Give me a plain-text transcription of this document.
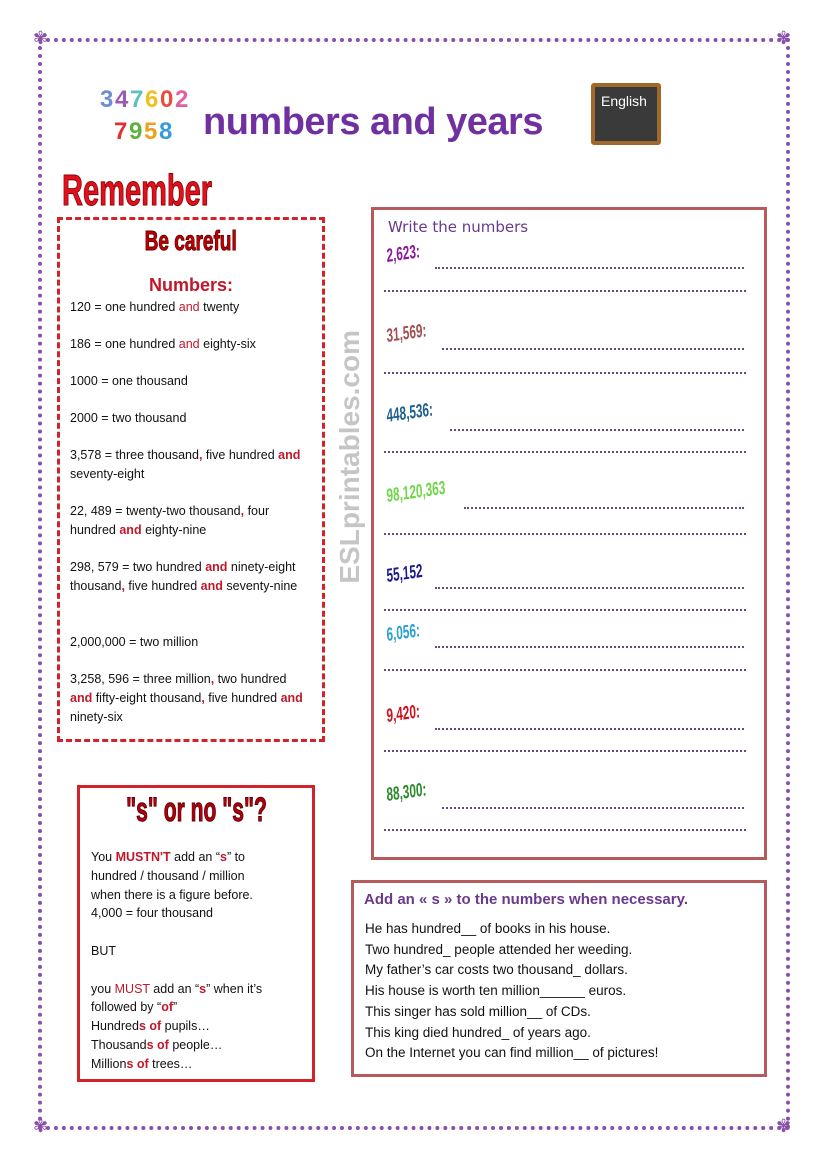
✾	✾
✾	✾
3 4 7 6 0 2
7 9 5 8 numbers and years	English
Remember
Be careful
Numbers:
120 = one hundred and twenty
186 = one hundred and eighty-six
1000 = one thousand
2000 = two thousand
3,578 = three thousand, five hundred and seventy-eight
22, 489 = twenty-two thousand, four hundred and eighty-nine
298, 579 = two hundred and ninety-eight thousand, five hundred and seventy-nine
2,000,000 = two million
3,258, 596 = three million, two hundred and fifty-eight thousand, five hundred and ninety-six
ESLprintables.com
Write the numbers
2,623:
31,569:
448,536:
98,120,363
55,152
6,056:
9,420:
88,300:
"s" or no "s"?
You MUSTN'T add an “s” to
hundred / thousand / million
when there is a figure before.
4,000 = four thousand

BUT

you MUST add an “s” when it’s
followed by “of”
Hundreds of pupils…
Thousands of people…
Millions of trees…
Add an « s » to the numbers when necessary.
He has hundred__ of books in his house.
Two hundred_ people attended her weeding.
My father’s car costs two thousand_ dollars.
His house is worth ten million______ euros.
This singer has sold million__ of CDs.
This king died hundred_ of years ago.
On the Internet you can find million__ of pictures!
